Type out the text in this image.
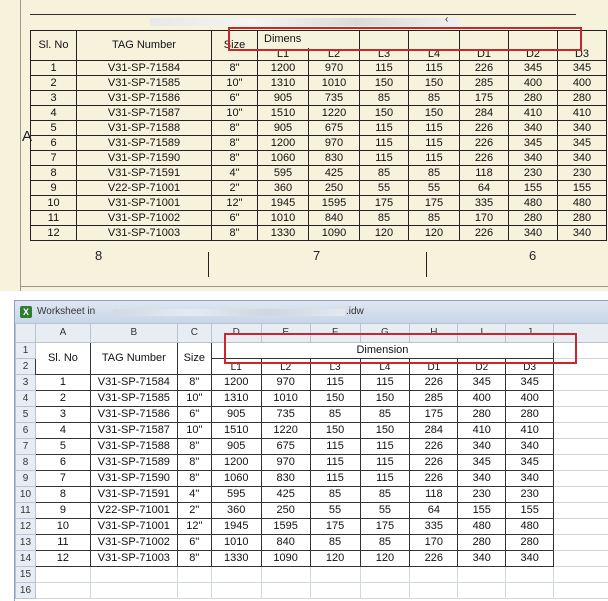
‹
A
Sl. No	TAG Number	Size	Dimens						
			L1	L2	L3	L4	D1	D2	D3
1	V31-SP-71584	8"	1200	970	115	115	226	345	345
2	V31-SP-71585	10"	1310	1010	150	150	285	400	400
3	V31-SP-71586	6"	905	735	85	85	175	280	280
4	V31-SP-71587	10"	1510	1220	150	150	284	410	410
5	V31-SP-71588	8"	905	675	115	115	226	340	340
6	V31-SP-71589	8"	1200	970	115	115	226	345	345
7	V31-SP-71590	8"	1060	830	115	115	226	340	340
8	V31-SP-71591	4"	595	425	85	85	118	230	230
9	V22-SP-71001	2"	360	250	55	55	64	155	155
10	V31-SP-71001	12"	1945	1595	175	175	335	480	480
11	V31-SP-71002	6"	1010	840	85	85	170	280	280
12	V31-SP-71003	8"	1330	1090	120	120	226	340	340
8	7	6
X Worksheet in	.idw
	A	B	C	D	E	F	G	H	I	J	
1	Sl. No	TAG Number	Size	Dimension							
2				L1	L2	L3	L4	D1	D2	D3	
3	1	V31-SP-71584	8"	1200	970	115	115	226	345	345	
4	2	V31-SP-71585	10"	1310	1010	150	150	285	400	400	
5	3	V31-SP-71586	6"	905	735	85	85	175	280	280	
6	4	V31-SP-71587	10"	1510	1220	150	150	284	410	410	
7	5	V31-SP-71588	8"	905	675	115	115	226	340	340	
8	6	V31-SP-71589	8"	1200	970	115	115	226	345	345	
9	7	V31-SP-71590	8"	1060	830	115	115	226	340	340	
10	8	V31-SP-71591	4"	595	425	85	85	118	230	230	
11	9	V22-SP-71001	2"	360	250	55	55	64	155	155	
12	10	V31-SP-71001	12"	1945	1595	175	175	335	480	480	
13	11	V31-SP-71002	6"	1010	840	85	85	170	280	280	
14	12	V31-SP-71003	8"	1330	1090	120	120	226	340	340	
15											
16											
